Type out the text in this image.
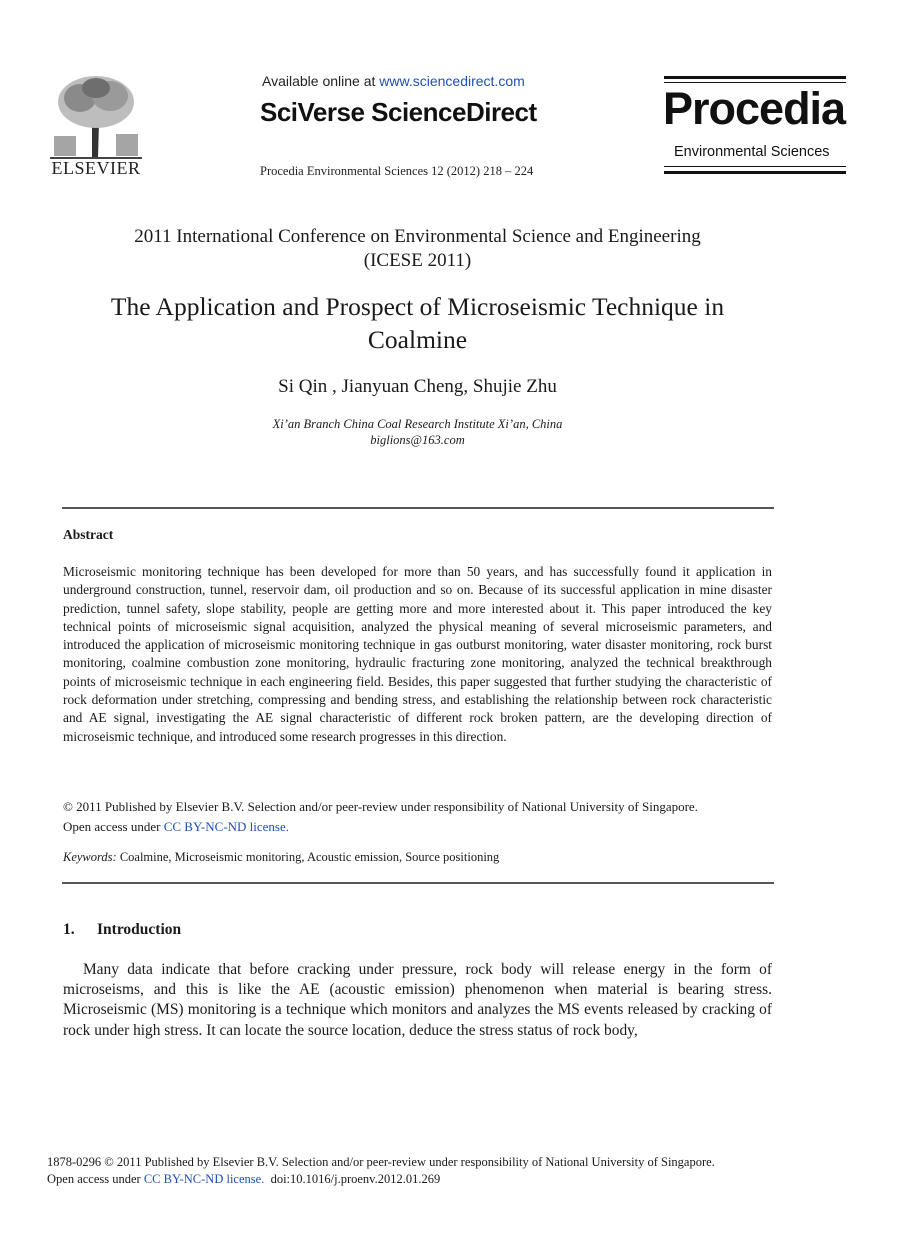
ELSEVIER
Available online at www.sciencedirect.com
SciVerse ScienceDirect
Procedia Environmental Sciences 12 (2012) 218 – 224
Procedia
Environmental Sciences
2011 International Conference on Environmental Science and Engineering
(ICESE 2011)
The Application and Prospect of Microseismic Technique in
Coalmine
Si Qin , Jianyuan Cheng, Shujie Zhu
Xi’an Branch China Coal Research Institute Xi’an, China
biglions@163.com
Abstract
Microseismic monitoring technique has been developed for more than 50 years, and has successfully found it application in underground construction, tunnel, reservoir dam, oil production and so on. Because of its successful application in mine disaster prediction, tunnel safety, slope stability, people are getting more and more interested about it. This paper introduced the key technical points of microseismic signal acquisition, analyzed the physical meaning of several microseismic parameters, and introduced the application of microseismic monitoring technique in gas outburst monitoring, water disaster monitoring, rock burst monitoring, coalmine combustion zone monitoring, hydraulic fracturing zone monitoring, analyzed the technical breakthrough points of microseismic technique in each engineering field. Besides, this paper suggested that further studying the characteristic of rock deformation under stretching, compressing and bending stress, and establishing the relationship between rock characteristic and AE signal, investigating the AE signal characteristic of different rock broken pattern, are the developing direction of microseismic technique, and introduced some research progresses in this direction.
© 2011 Published by Elsevier B.V. Selection and/or peer-review under responsibility of National University of Singapore.
Open access under CC BY-NC-ND license.
Keywords: Coalmine, Microseismic monitoring, Acoustic emission, Source positioning
1. Introduction
Many data indicate that before cracking under pressure, rock body will release energy in the form of microseisms, and this is like the AE (acoustic emission) phenomenon when material is bearing stress. Microseismic (MS) monitoring is a technique which monitors and analyzes the MS events released by cracking of rock under high stress. It can locate the source location, deduce the stress status of rock body,
1878-0296 © 2011 Published by Elsevier B.V. Selection and/or peer-review under responsibility of National University of Singapore.
Open access under CC BY-NC-ND license.  doi:10.1016/j.proenv.2012.01.269
